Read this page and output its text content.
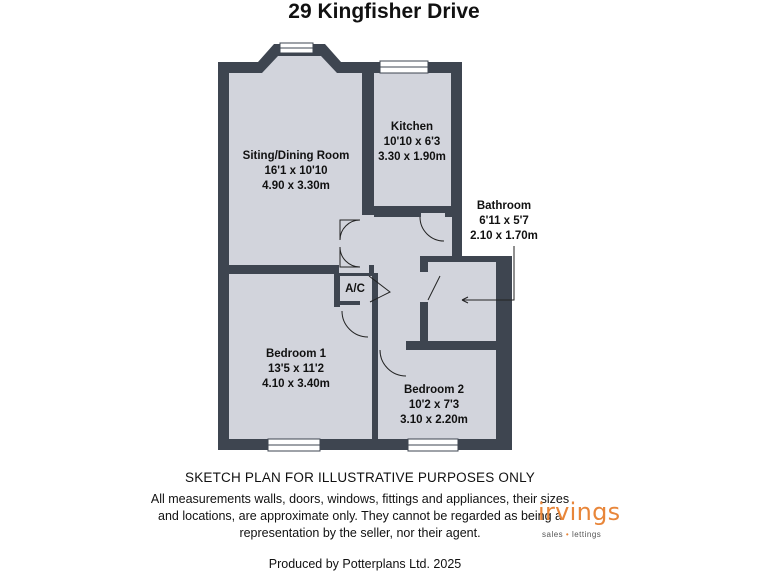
29 Kingfisher Drive
Siting/Dining Room
16'1 x 10'10
4.90 x 3.30m
Kitchen
10'10 x 6'3
3.30 x 1.90m
Bathroom
6'11 x 5'7
2.10 x 1.70m
A/C
Bedroom 1
13'5 x 11'2
4.10 x 3.40m	Bedroom 2
10'2 x 7'3
3.10 x 2.20m
SKETCH PLAN FOR ILLUSTRATIVE PURPOSES ONLY
All measurements walls, doors, windows, fittings and appliances, their sizes and locations, are approximate only. They cannot be regarded as being a representation by the seller, nor their agent.
Produced by Potterplans Ltd. 2025
irvings
sales • lettings
